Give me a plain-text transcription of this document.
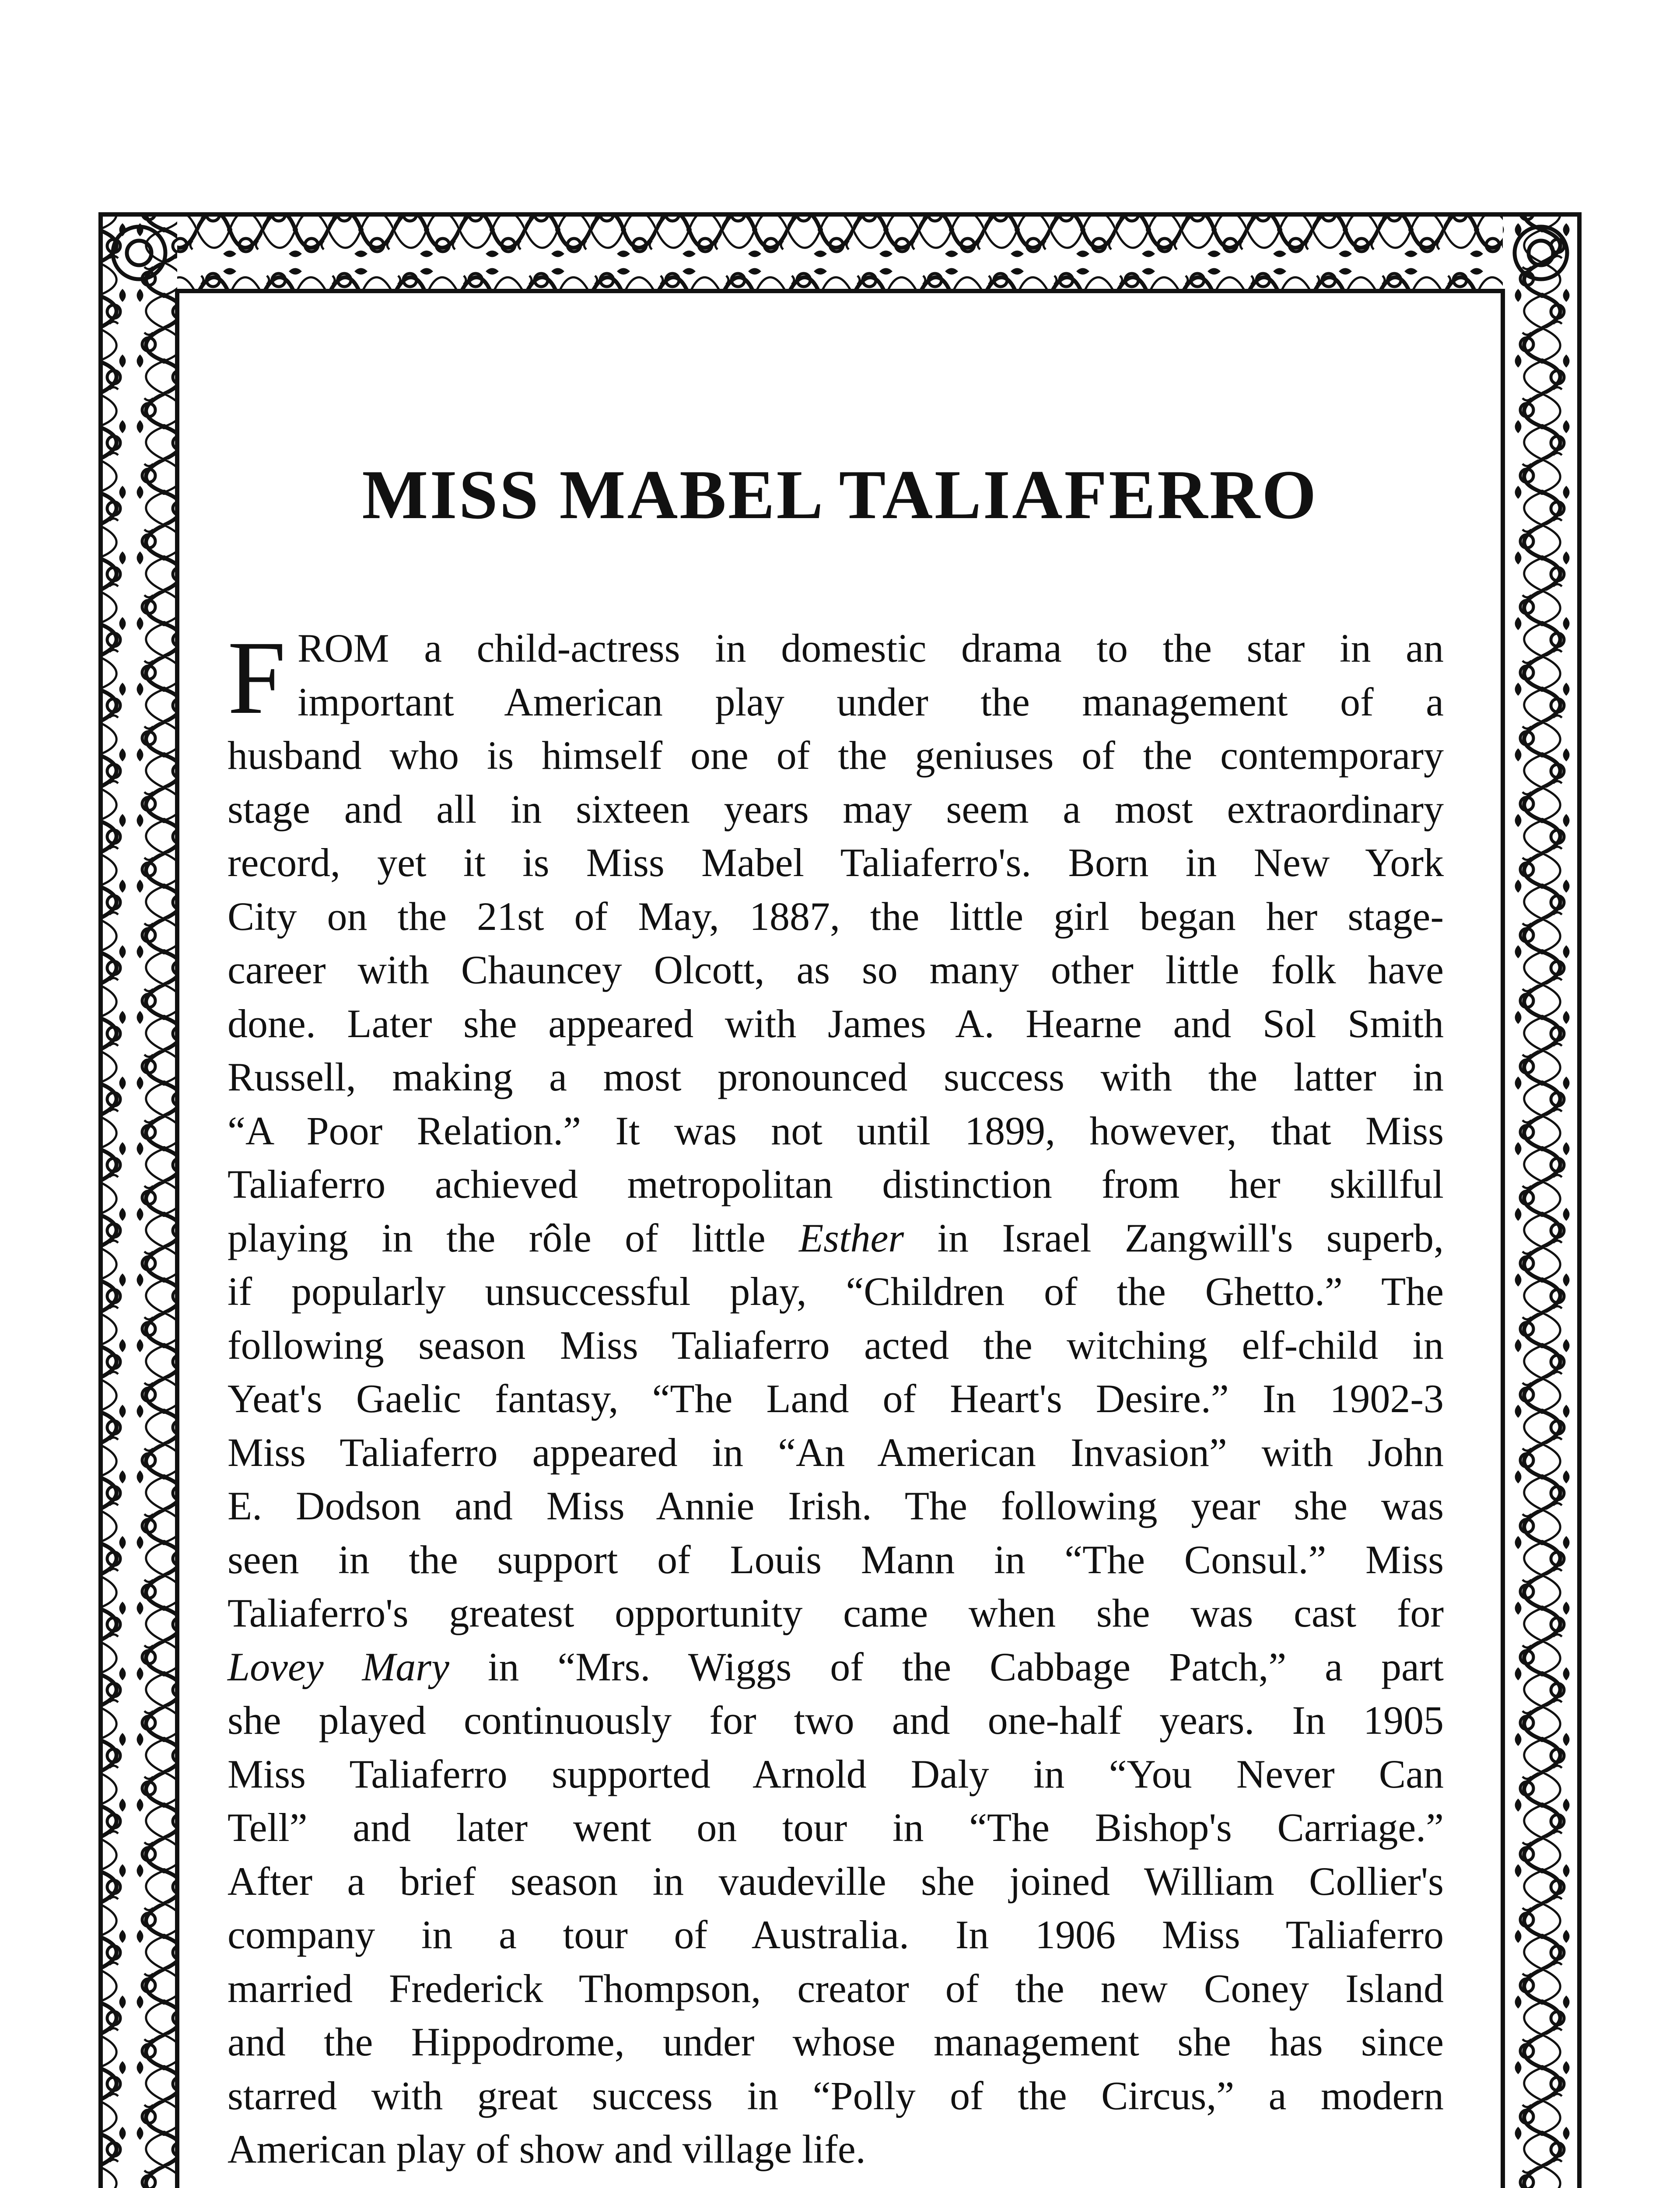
MISS MABEL TALIAFERRO
F ROM a child-actress in domestic drama to the star in an
important American play under the management of a
husband who is himself one of the geniuses of the contemporary
stage and all in sixteen years may seem a most extraordinary
record, yet it is Miss Mabel Taliaferro's. Born in New York
City on the 21st of May, 1887, the little girl began her stage-
career with Chauncey Olcott, as so many other little folk have
done. Later she appeared with James A. Hearne and Sol Smith
Russell, making a most pronounced success with the latter in
“A Poor Relation.” It was not until 1899, however, that Miss
Taliaferro achieved metropolitan distinction from her skillful
playing in the rôle of little Esther in Israel Zangwill's superb,
if popularly unsuccessful play, “Children of the Ghetto.” The
following season Miss Taliaferro acted the witching elf-child in
Yeat's Gaelic fantasy, “The Land of Heart's Desire.” In 1902-3
Miss Taliaferro appeared in “An American Invasion” with John
E. Dodson and Miss Annie Irish. The following year she was
seen in the support of Louis Mann in “The Consul.” Miss
Taliaferro's greatest opportunity came when she was cast for
Lovey Mary in “Mrs. Wiggs of the Cabbage Patch,” a part
she played continuously for two and one-half years. In 1905
Miss Taliaferro supported Arnold Daly in “You Never Can
Tell” and later went on tour in “The Bishop's Carriage.”
After a brief season in vaudeville she joined William Collier's
company in a tour of Australia. In 1906 Miss Taliaferro
married Frederick Thompson, creator of the new Coney Island
and the Hippodrome, under whose management she has since
starred with great success in “Polly of the Circus,” a modern
American play of show and village life.
